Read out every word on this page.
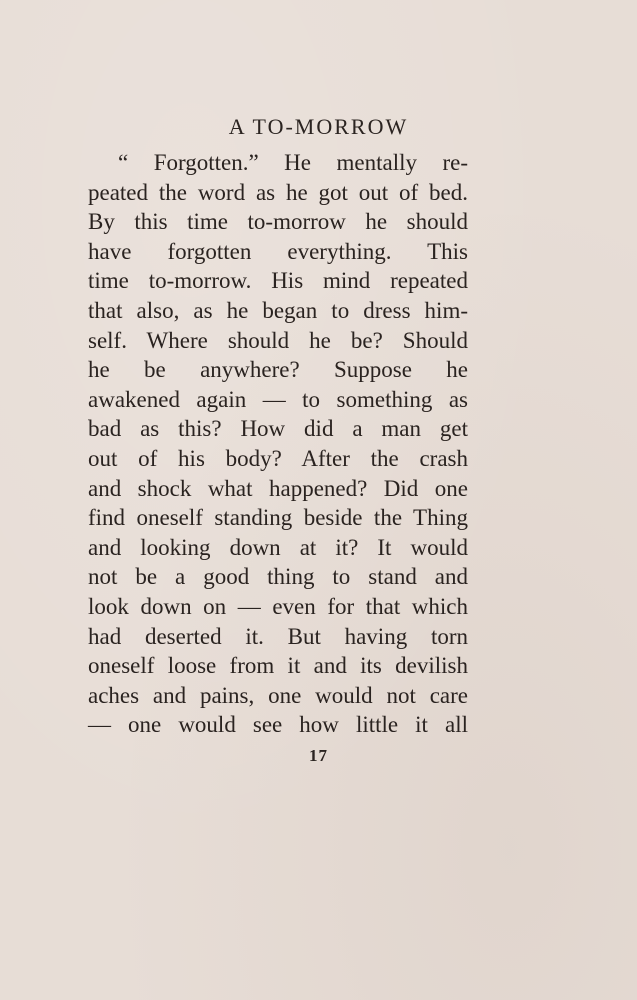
A TO-MORROW
“ Forgotten.” He mentally re-
peated the word as he got out of bed.
By this time to-morrow he should
have forgotten everything. This
time to-morrow. His mind repeated
that also, as he began to dress him-
self. Where should he be? Should
he be anywhere? Suppose he
awakened again — to something as
bad as this? How did a man get
out of his body? After the crash
and shock what happened? Did one
find oneself standing beside the Thing
and looking down at it? It would
not be a good thing to stand and
look down on — even for that which
had deserted it. But having torn
oneself loose from it and its devilish
aches and pains, one would not care
— one would see how little it all
17
